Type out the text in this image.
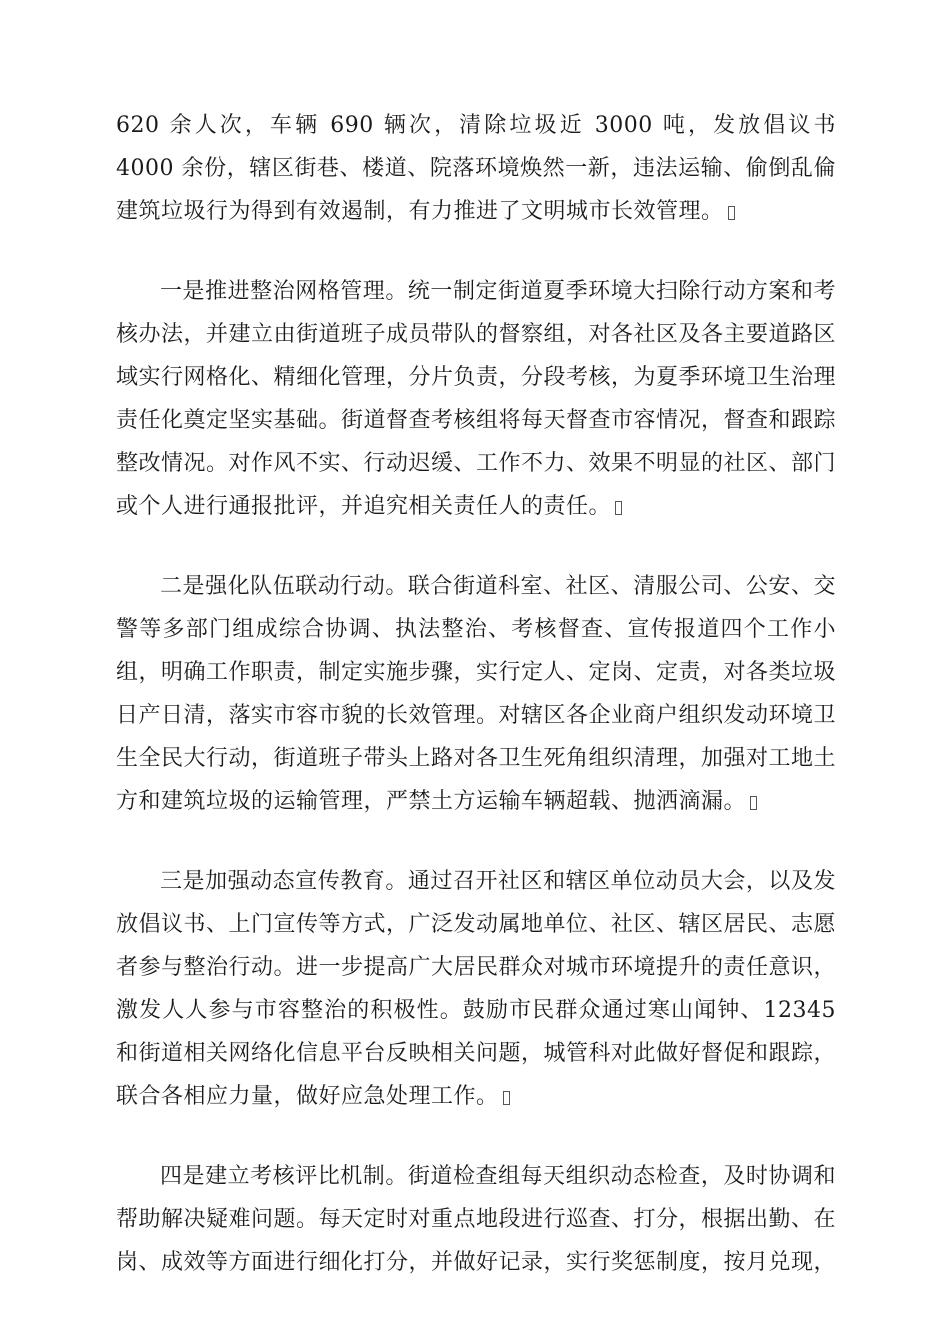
620 余人次，车辆 690 辆次，清除垃圾近 3000 吨，发放倡议书 4000 余份，辖区街巷、楼道、院落环境焕然一新，违法运输、偷倒乱倫建筑垃圾行为得到有效遏制，有力推进了文明城市长效管理。

一是推进整治网格管理。统一制定街道夏季环境大扫除行动方案和考核办法，并建立由街道班子成员带队的督察组，对各社区及各主要道路区域实行网格化、精细化管理，分片负责，分段考核，为夏季环境卫生治理责任化奠定坚实基础。街道督查考核组将每天督查市容情况，督查和跟踪整改情况。对作风不实、行动迟缓、工作不力、效果不明显的社区、部门或个人进行通报批评，并追究相关责任人的责任。

二是强化队伍联动行动。联合街道科室、社区、清服公司、公安、交警等多部门组成综合协调、执法整治、考核督查、宣传报道四个工作小组，明确工作职责，制定实施步骤，实行定人、定岗、定责，对各类垃圾日产日清，落实市容市貌的长效管理。对辖区各企业商户组织发动环境卫生全民大行动，街道班子带头上路对各卫生死角组织清理，加强对工地土方和建筑垃圾的运输管理，严禁土方运输车辆超载、抛洒滴漏。

三是加强动态宣传教育。通过召开社区和辖区单位动员大会，以及发放倡议书、上门宣传等方式，广泛发动属地单位、社区、辖区居民、志愿者参与整治行动。进一步提高广大居民群众对城市环境提升的责任意识，激发人人参与市容整治的积极性。鼓励市民群众通过寒山闻钟、12345 和街道相关网络化信息平台反映相关问题，城管科对此做好督促和跟踪，联合各相应力量，做好应急处理工作。

四是建立考核评比机制。街道检查组每天组织动态检查，及时协调和帮助解决疑难问题。每天定时对重点地段进行巡查、打分，根据出勤、在岗、成效等方面进行细化打分，并做好记录，实行奖惩制度，按月兑现，
